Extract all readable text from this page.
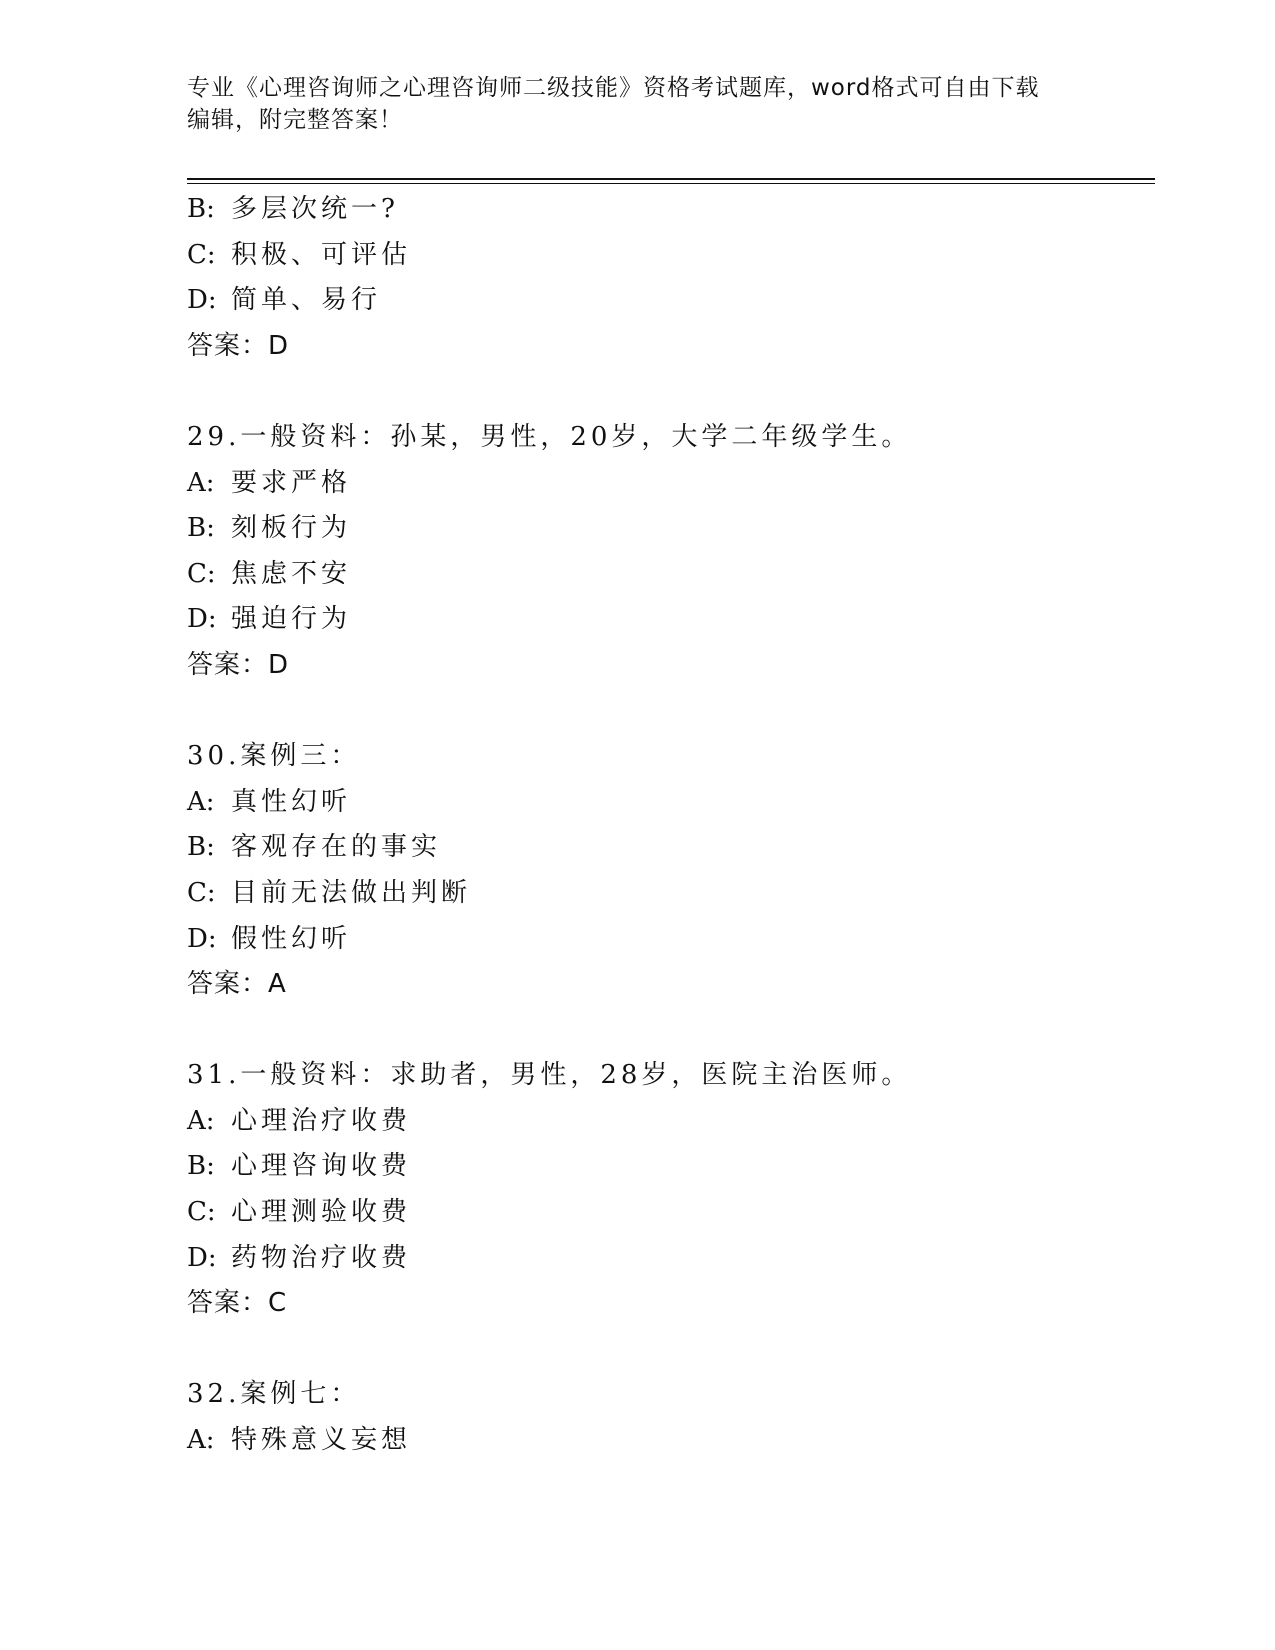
专业《心理咨询师之心理咨询师二级技能》资格考试题库，word格式可自由下载
编辑，附完整答案！
B: 多层次统一?
C: 积极、可评估
D: 简单、易行
答案：D
29.一般资料：孙某，男性，20岁，大学二年级学生。
A: 要求严格
B: 刻板行为
C: 焦虑不安
D: 强迫行为
答案：D
30.案例三：
A: 真性幻听
B: 客观存在的事实
C: 目前无法做出判断
D: 假性幻听
答案：A
31.一般资料：求助者，男性，28岁，医院主治医师。
A: 心理治疗收费
B: 心理咨询收费
C: 心理测验收费
D: 药物治疗收费
答案：C
32.案例七：
A: 特殊意义妄想
